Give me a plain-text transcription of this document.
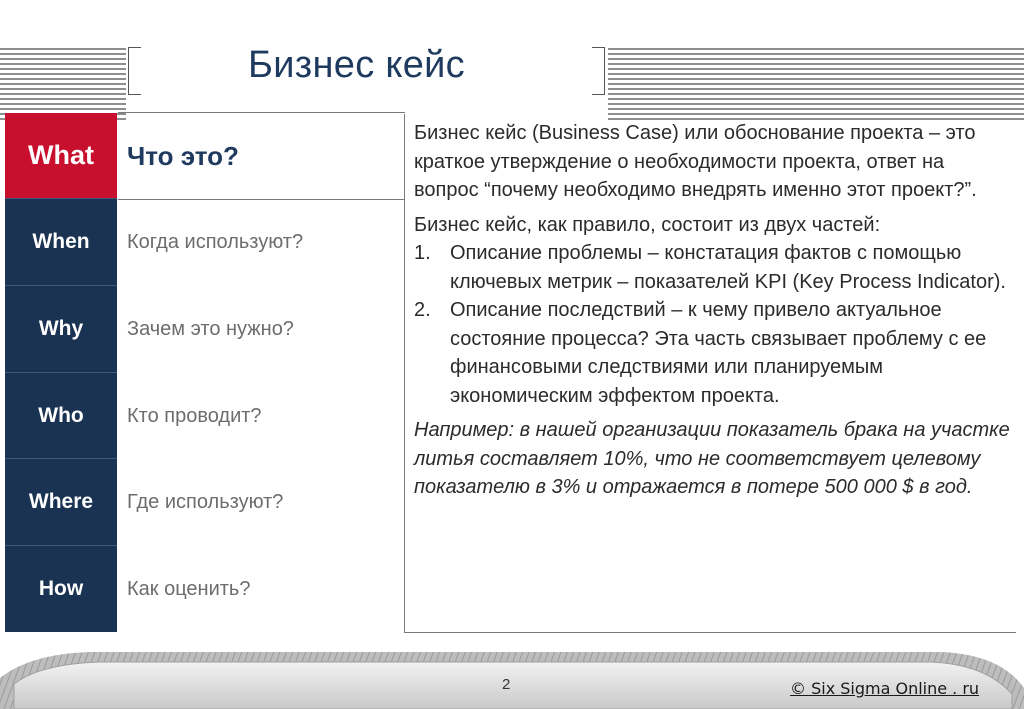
Бизнес кейс
What
When
Why
Who
Where
How
Что это?
Когда используют?
Зачем это нужно?
Кто проводит?
Где используют?
Как оценить?

Бизнес кейс (Business Case) или обоснование проекта – это краткое утверждение о необходимости проекта, ответ на вопрос “почему необходимо внедрять именно этот проект?”.

Бизнес кейс, как правило, состоит из двух частей:

1. Описание проблемы – констатация фактов с помощью ключевых метрик – показателей KPI (Key Process Indicator).
2. Описание последствий – к чему привело актуальное состояние процесса? Эта часть связывает проблему с ее финансовыми следствиями или планируемым экономическим эффектом проекта.

Например: в нашей организации показатель брака на участке литья составляет 10%, что не соответствует целевому показателю в 3% и отражается в потере 500 000 $ в год.

2	© Six Sigma Online . ru
